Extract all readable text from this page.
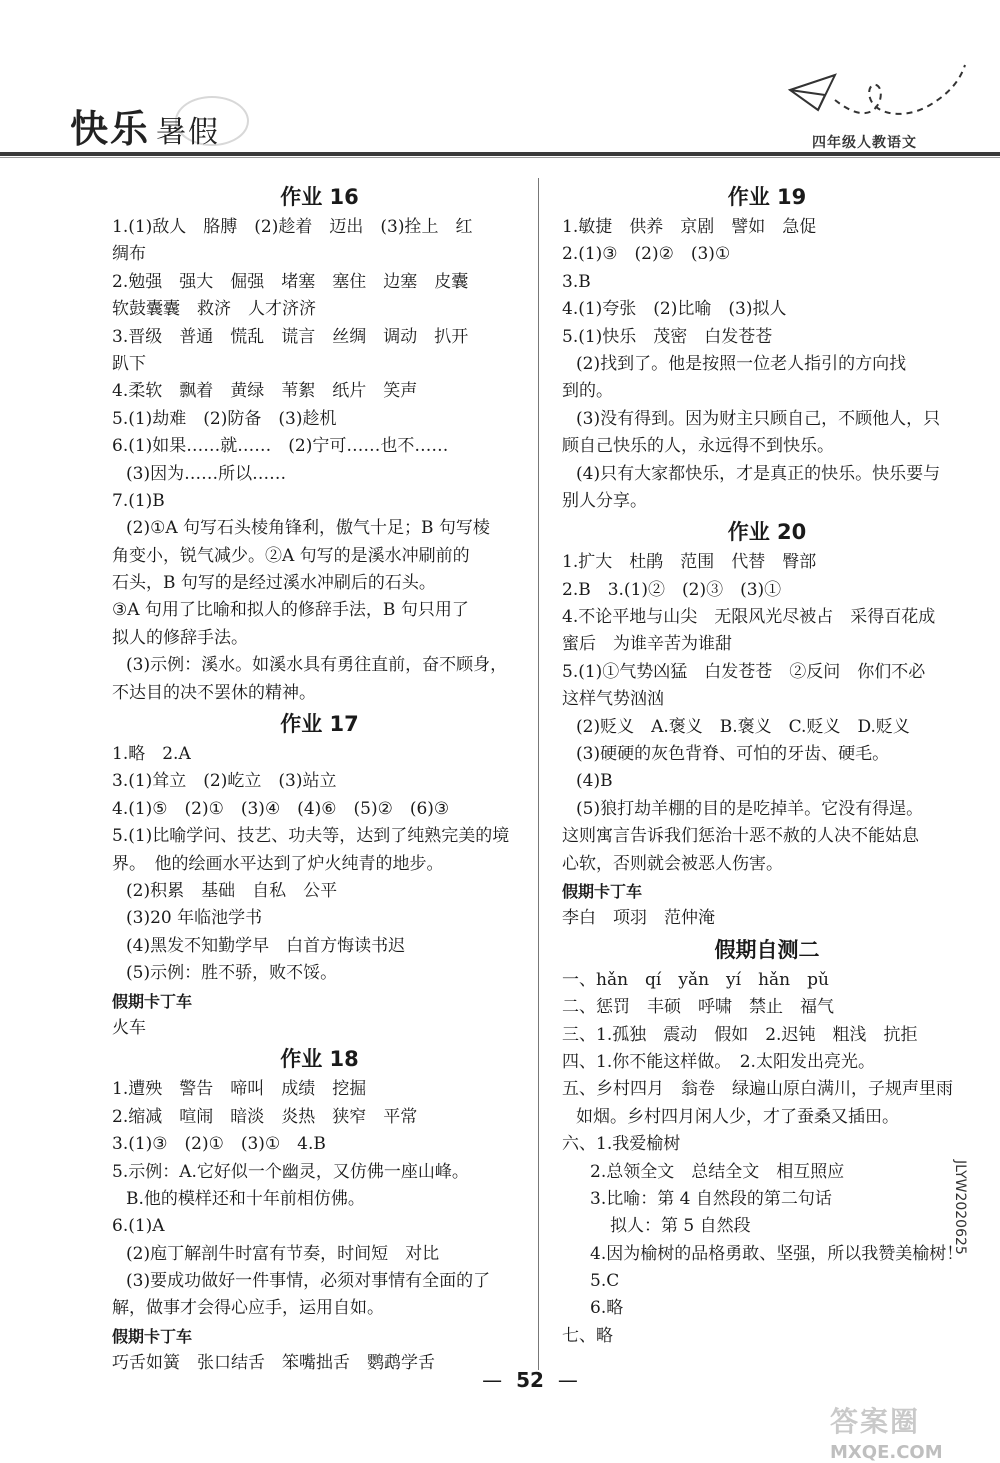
快乐 暑假	四年级人教语文
作业 16
1.(1)敌人　胳膊　(2)趁着　迈出　(3)拴上　红
绸布
2.勉强　强大　倔强　堵塞　塞住　边塞　皮囊
软鼓囊囊　救济　人才济济
3.晋级　普通　慌乱　谎言　丝绸　调动　扒开
趴下
4.柔软　飘着　黄绿　苇絮　纸片　笑声
5.(1)劫难　(2)防备　(3)趁机
6.(1)如果……就……　(2)宁可……也不……
(3)因为……所以……
7.(1)B
(2)①A 句写石头棱角锋利，傲气十足；B 句写棱
角变小，锐气减少。②A 句写的是溪水冲刷前的
石头，B 句写的是经过溪水冲刷后的石头。
③A 句用了比喻和拟人的修辞手法，B 句只用了
拟人的修辞手法。
(3)示例：溪水。如溪水具有勇往直前，奋不顾身，
不达目的决不罢休的精神。
作业 17
1.略　2.A
3.(1)耸立　(2)屹立　(3)站立
4.(1)⑤　(2)①　(3)④　(4)⑥　(5)②　(6)③
5.(1)比喻学问、技艺、功夫等，达到了纯熟完美的境
界。　他的绘画水平达到了炉火纯青的地步。
(2)积累　基础　自私　公平
(3)20 年临池学书
(4)黑发不知勤学早　白首方悔读书迟
(5)示例：胜不骄，败不馁。
假期卡丁车
火车
作业 18
1.遭殃　警告　啼叫　成绩　挖掘
2.缩减　喧闹　暗淡　炎热　狭窄　平常
3.(1)③　(2)①　(3)①　4.B
5.示例：A.它好似一个幽灵，又仿佛一座山峰。
B.他的模样还和十年前相仿佛。
6.(1)A
(2)庖丁解剖牛时富有节奏，时间短　对比
(3)要成功做好一件事情，必须对事情有全面的了
解，做事才会得心应手，运用自如。
假期卡丁车
巧舌如簧　张口结舌　笨嘴拙舌　鹦鹉学舌
作业 19
1.敏捷　供养　京剧　譬如　急促
2.(1)③　(2)②　(3)①
3.B
4.(1)夸张　(2)比喻　(3)拟人
5.(1)快乐　茂密　白发苍苍
(2)找到了。他是按照一位老人指引的方向找
到的。
(3)没有得到。因为财主只顾自己，不顾他人，只
顾自己快乐的人，永远得不到快乐。
(4)只有大家都快乐，才是真正的快乐。快乐要与
别人分享。
作业 20
1.扩大　杜鹃　范围　代替　臀部
2.B　3.(1)②　(2)③　(3)①
4.不论平地与山尖　无限风光尽被占　采得百花成
蜜后　为谁辛苦为谁甜
5.(1)①气势凶猛　白发苍苍　②反问　你们不必
这样气势汹汹
(2)贬义　A.褒义　B.褒义　C.贬义　D.贬义
(3)硬硬的灰色背脊、可怕的牙齿、硬毛。
(4)B
(5)狼打劫羊棚的目的是吃掉羊。它没有得逞。
这则寓言告诉我们惩治十恶不赦的人决不能姑息
心软，否则就会被恶人伤害。
假期卡丁车
李白　项羽　范仲淹
假期自测二
一、hǎn　qí　yǎn　yí　hǎn　pǔ
二、惩罚　丰硕　呼啸　禁止　福气
三、1.孤独　震动　假如　2.迟钝　粗浅　抗拒
四、1.你不能这样做。　2.太阳发出亮光。
五、乡村四月　翁卷　绿遍山原白满川，子规声里雨
如烟。乡村四月闲人少，才了蚕桑又插田。
六、1.我爱榆树
2.总领全文　总结全文　相互照应
3.比喻：第 4 自然段的第二句话
拟人：第 5 自然段
4.因为榆树的品格勇敢、坚强，所以我赞美榆树！
5.C
6.略
七、略
— 52 —
JLYW2020625
答案圈
MXQE.COM
